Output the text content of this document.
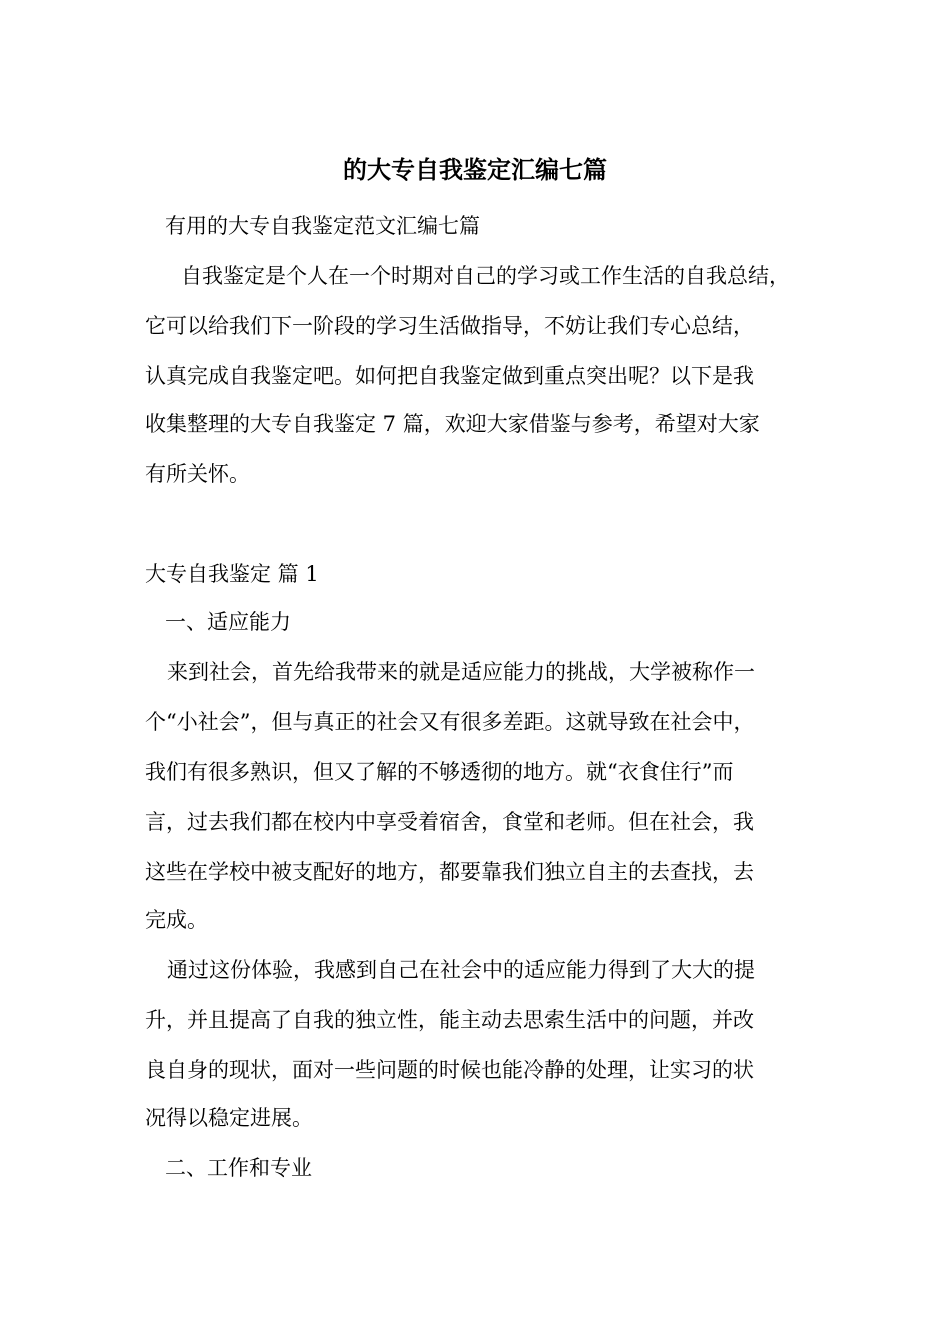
的大专自我鉴定汇编七篇
有用的大专自我鉴定范文汇编七篇
自我鉴定是个人在一个时期对自己的学习或工作生活的自我总结，
它可以给我们下一阶段的学习生活做指导，不妨让我们专心总结，
认真完成自我鉴定吧。如何把自我鉴定做到重点突出呢？以下是我
收集整理的大专自我鉴定 7 篇，欢迎大家借鉴与参考，希望对大家
有所关怀。
大专自我鉴定 篇 1
一、适应能力
来到社会，首先给我带来的就是适应能力的挑战，大学被称作一
个“小社会”，但与真正的社会又有很多差距。这就导致在社会中，
我们有很多熟识，但又了解的不够透彻的地方。就“衣食住行”而
言，过去我们都在校内中享受着宿舍，食堂和老师。但在社会，我
这些在学校中被支配好的地方，都要靠我们独立自主的去查找，去
完成。
通过这份体验，我感到自己在社会中的适应能力得到了大大的提
升，并且提高了自我的独立性，能主动去思索生活中的问题，并改
良自身的现状，面对一些问题的时候也能冷静的处理，让实习的状
况得以稳定进展。
二、工作和专业
